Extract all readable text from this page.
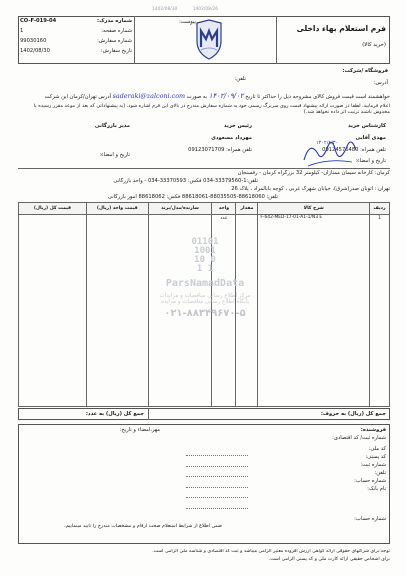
1402/08/30	1402/08/26
شماره مدرک:
CO-F-019-04
شماره صفحه:
1
شماره سفارش:
99030160
تاریخ سفارش:
1402/08/30
پیوست:
فرم استعلام بهاء داخلی
(خرید کالا)
فروشگاه /شرکت:
تلفن:
آدرس:
خواهشمند است قیمت فروش کالای مشروحه ذیل را حداکثر تا تاریخ ۱۴۰۲/۰۹/۰۲ به صورت saderaki@zalconi.com آدرس تهران/کرمان این شرکت
اعلام فرمایید. لطفا در صورت ارائه پیشنهاد قیمت روی سربرگ رسمی خود به شماره سفارش مندرج در بالای این فرم اشاره شود. (به پیشنهاداتی که بعد از موعد مقرر رسیده یا مخدوش باشند ترتیب اثر داده نخواهد شد.)
کارشناس خرید
مهدی آقایی
تلفن همراه: 09124576480
تاریخ و امضاء:
رئیس خرید
مهرداد مسعودی
تلفن همراه: 09123071709
مدیر بازرگانی
تاریخ و امضاء:
۱۴۰۲/۸/۳۰
کرمان: کارخانه سیمان ممتازان- کیلومتر 32 بزرگراه کرمان - رفسنجان
تلفن:1-33379560-034 فکس: 33370593-034 - واحد بازرگانی
تهران : اتوبان صدر(شرق)، خیابان شهرک غربی ، کوچه بابالمراد ، پلاک 26
تلفن: 88618060-88035505-88618061 فکس: 88618062 امور بازرگانی
ردیف	شرح کالا	مقدار	واحد	سازنده/مدل/برند	قیمت واحد (ریال)	قیمت کل (ریال)
1	F-642-MED-17-01-A1-1/N3 E		عدد			
01101
1001
10 0
1 1
ParsNamadData
مرکز اطلاع رسانی مناقصات و مزایدات
پایگاه اطلاع رسانی مناقصات و مزایده
۰۲۱-۸۸۳۴۹۶۷۰-۵
جمع کل (ریال) به حروف:
جمع کل (ریال) به عدد:
فروشنده:
شماره ثبت/ کد اقتصادی:
مهر،امضاء و تاریخ:
کد ملی:
کد پستی:
شماره ثبت:
تلفن:
شماره حساب:
نام بانک:

شماره حساب:
ضمن اطلاع از شرایط استعلام صحت ارقام و مشخصات مندرج را تایید مینماییم.
توجه:برای شرکتهای حقوقی ارائه گواهی ارزش افزوده معتبر الزامی میباشد و ثبت کد اقتصادی و شناسه ملی الزامی است.
برای اشخاص حقیقی ارائه کارت ملی و کد پستی الزامی است.
